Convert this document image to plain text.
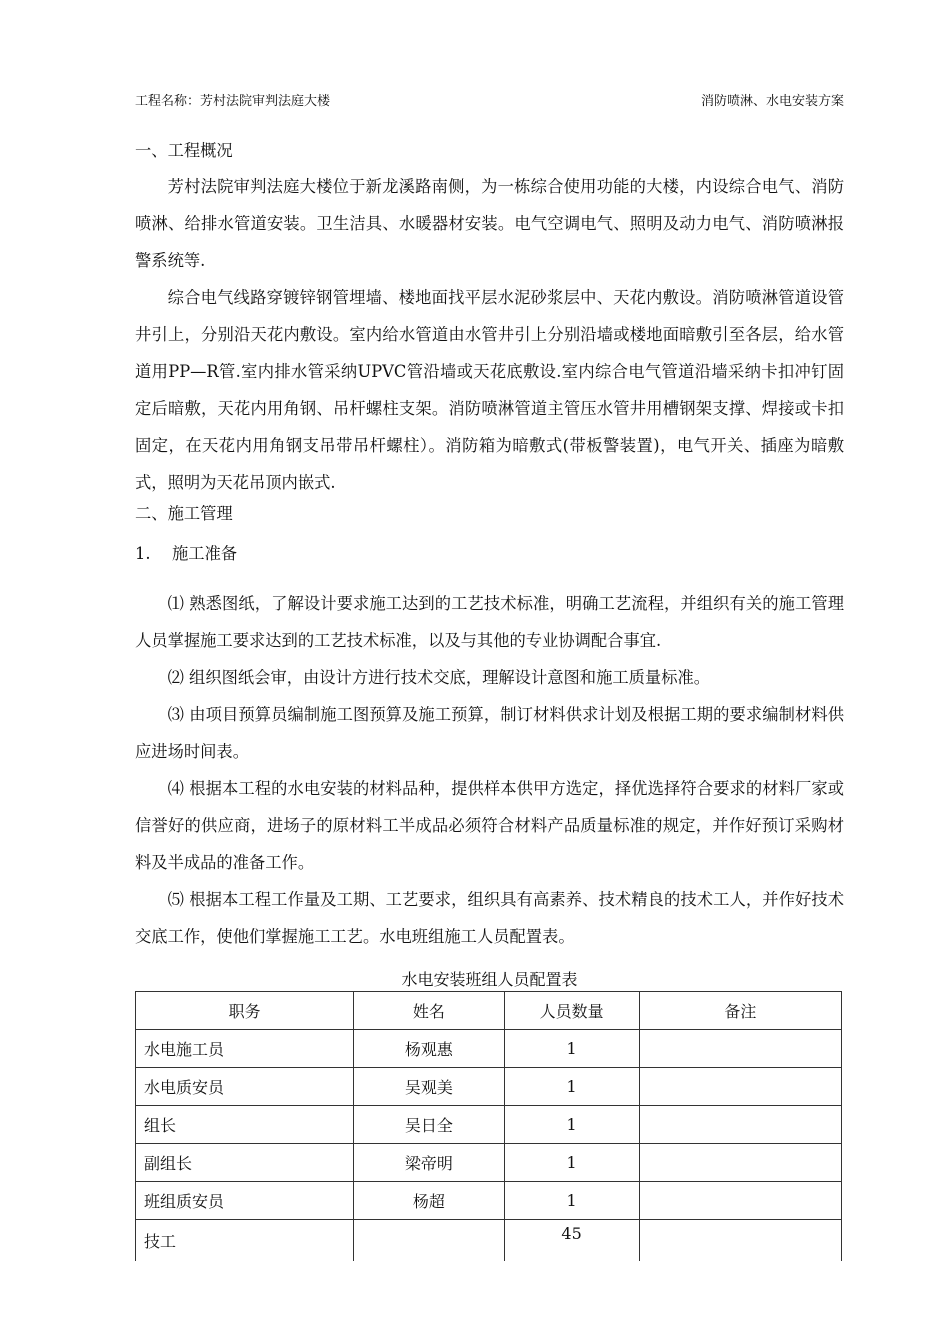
工程名称：芳村法院审判法庭大楼	消防喷淋、水电安装方案

一、工程概况

芳村法院审判法庭大楼位于新龙溪路南侧，为一栋综合使用功能的大楼，内设综合电气、消防喷淋、给排水管道安装。卫生洁具、水暖器材安装。电气空调电气、照明及动力电气、消防喷淋报警系统等.

综合电气线路穿镀锌钢管埋墙、楼地面找平层水泥砂浆层中、天花内敷设。消防喷淋管道设管井引上，分别沿天花内敷设。室内给水管道由水管井引上分别沿墙或楼地面暗敷引至各层，给水管道用PP—R管.室内排水管采纳UPVC管沿墙或天花底敷设.室内综合电气管道沿墙采纳卡扣冲钉固定后暗敷，天花内用角钢、吊杆螺柱支架。消防喷淋管道主管压水管井用槽钢架支撑、焊接或卡扣固定，在天花内用角钢支吊带吊杆螺柱）。消防箱为暗敷式(带板警装置)，电气开关、插座为暗敷式，照明为天花吊顶内嵌式.

二、施工管理

1.	施工准备

⑴ 熟悉图纸，了解设计要求施工达到的工艺技术标准，明确工艺流程，并组织有关的施工管理人员掌握施工要求达到的工艺技术标准，以及与其他的专业协调配合事宜.

⑵ 组织图纸会审，由设计方进行技术交底，理解设计意图和施工质量标准。

⑶ 由项目预算员编制施工图预算及施工预算，制订材料供求计划及根据工期的要求编制材料供应进场时间表。

⑷ 根据本工程的水电安装的材料品种，提供样本供甲方选定，择优选择符合要求的材料厂家或信誉好的供应商，进场子的原材料工半成品必须符合材料产品质量标准的规定，并作好预订采购材料及半成品的准备工作。

⑸ 根据本工程工作量及工期、工艺要求，组织具有高素养、技术精良的技术工人，并作好技术交底工作，使他们掌握施工工艺。水电班组施工人员配置表。

水电安装班组人员配置表

职务	姓名	人员数量	备注
水电施工员	杨观惠	1	
水电质安员	吴观美	1	
组长	吴日全	1	
副组长	梁帝明	1	
班组质安员	杨超	1	
技工		45	
